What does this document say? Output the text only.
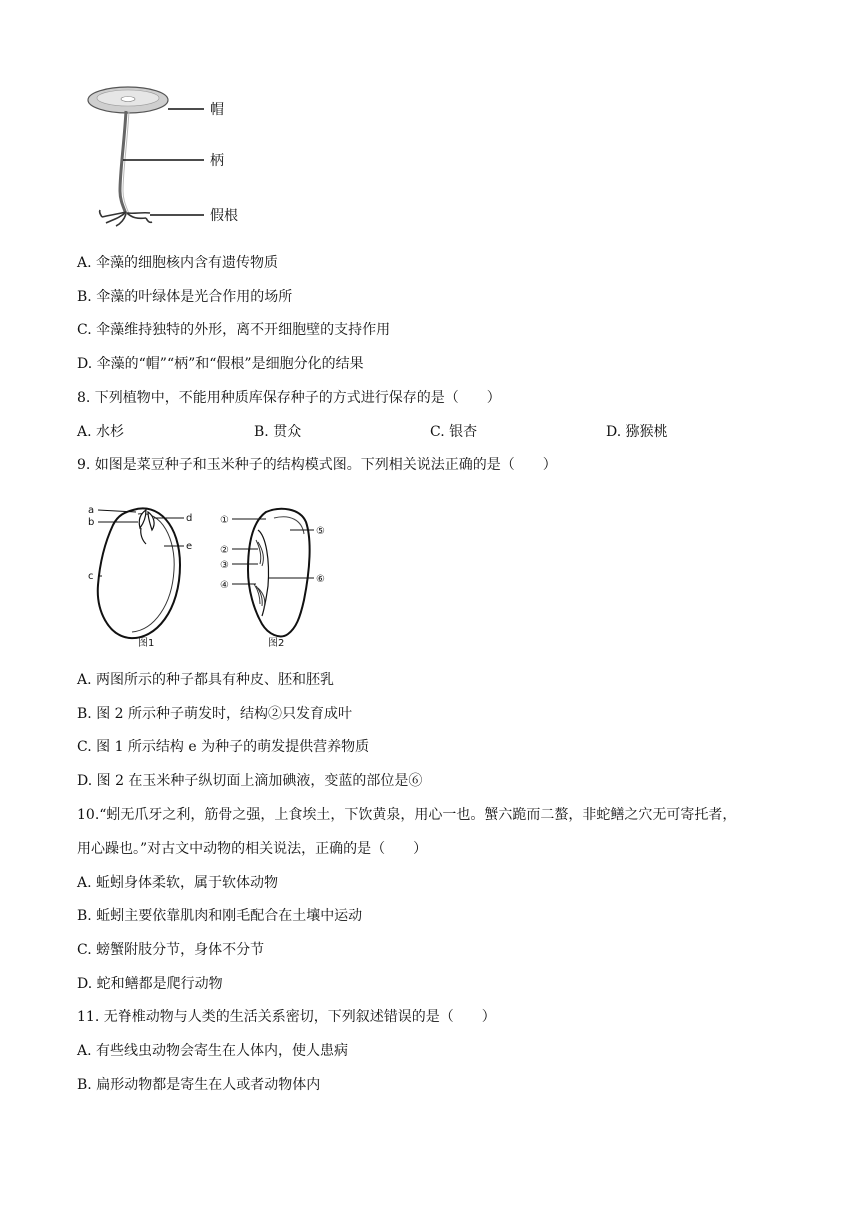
帽
柄
假根
A. 伞藻的细胞核内含有遗传物质
B. 伞藻的叶绿体是光合作用的场所
C. 伞藻维持独特的外形，离不开细胞壁的支持作用
D. 伞藻的“帽”“柄”和“假根”是细胞分化的结果
8. 下列植物中，不能用种质库保存种子的方式进行保存的是（　　）
A. 水杉	B. 贯众	C. 银杏	D. 猕猴桃
9. 如图是菜豆种子和玉米种子的结构模式图。下列相关说法正确的是（　　）
a
b
c
d
e
图1
①
②
③
④
⑤
⑥
图2
A. 两图所示的种子都具有种皮、胚和胚乳
B. 图 2 所示种子萌发时，结构②只发育成叶
C. 图 1 所示结构 e 为种子的萌发提供营养物质
D. 图 2 在玉米种子纵切面上滴加碘液，变蓝的部位是⑥
10.“蚓无爪牙之利，筋骨之强，上食埃土，下饮黄泉，用心一也。蟹六跪而二螯，非蛇鳝之穴无可寄托者，
用心躁也。”对古文中动物的相关说法，正确的是（　　）
A. 蚯蚓身体柔软，属于软体动物
B. 蚯蚓主要依靠肌肉和刚毛配合在土壤中运动
C. 螃蟹附肢分节，身体不分节
D. 蛇和鳝都是爬行动物
11. 无脊椎动物与人类的生活关系密切，下列叙述错误的是（　　）
A. 有些线虫动物会寄生在人体内，使人患病
B. 扁形动物都是寄生在人或者动物体内
